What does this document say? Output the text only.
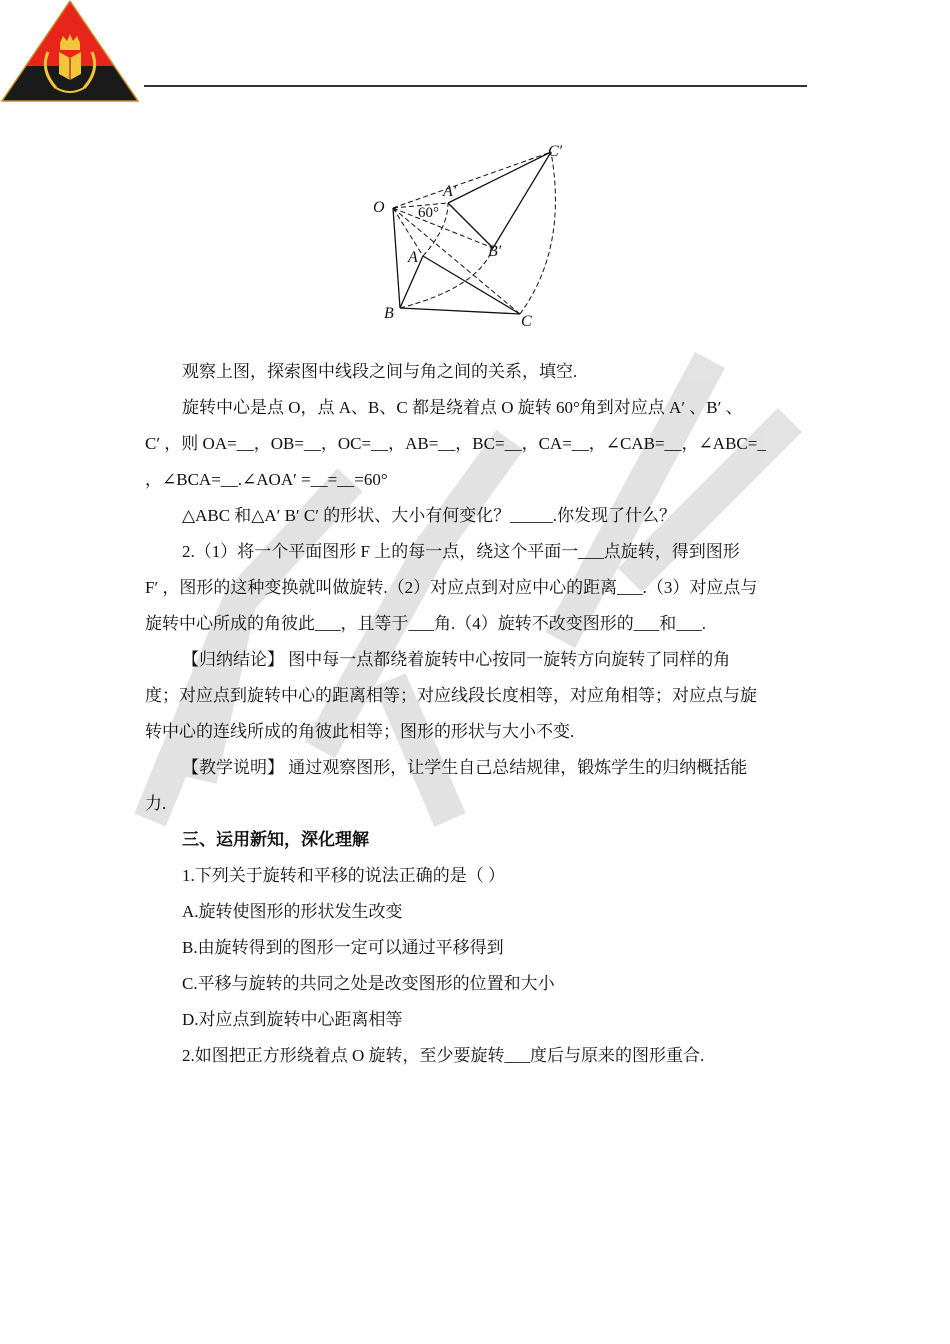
O
A
B	C
A′
B′
C′
60°

观察上图，探索图中线段之间与角之间的关系，填空.

旋转中心是点 O，点 A、B、C 都是绕着点 O 旋转 60°角到对应点 A′ 、B′ 、

C′ ，则 OA=__，OB=__，OC=__，AB=__，BC=__，CA=__，∠CAB=__，∠ABC=_

，∠BCA=__.∠AOA′ =__=__=60°

△ABC 和△A′ B′ C′ 的形状、大小有何变化？_____.你发现了什么？

2.（1）将一个平面图形 F 上的每一点，绕这个平面一___点旋转，得到图形

F′ ，图形的这种变换就叫做旋转.（2）对应点到对应中心的距离___.（3）对应点与

旋转中心所成的角彼此___，且等于___角.（4）旋转不改变图形的___和___.

【归纳结论】 图中每一点都绕着旋转中心按同一旋转方向旋转了同样的角

度；对应点到旋转中心的距离相等；对应线段长度相等，对应角相等；对应点与旋

转中心的连线所成的角彼此相等；图形的形状与大小不变.

【教学说明】 通过观察图形，让学生自己总结规律，锻炼学生的归纳概括能

力.

三、运用新知，深化理解

1.下列关于旋转和平移的说法正确的是（ ）

A.旋转使图形的形状发生改变

B.由旋转得到的图形一定可以通过平移得到

C.平移与旋转的共同之处是改变图形的位置和大小

D.对应点到旋转中心距离相等

2.如图把正方形绕着点 O 旋转，至少要旋转___度后与原来的图形重合.
